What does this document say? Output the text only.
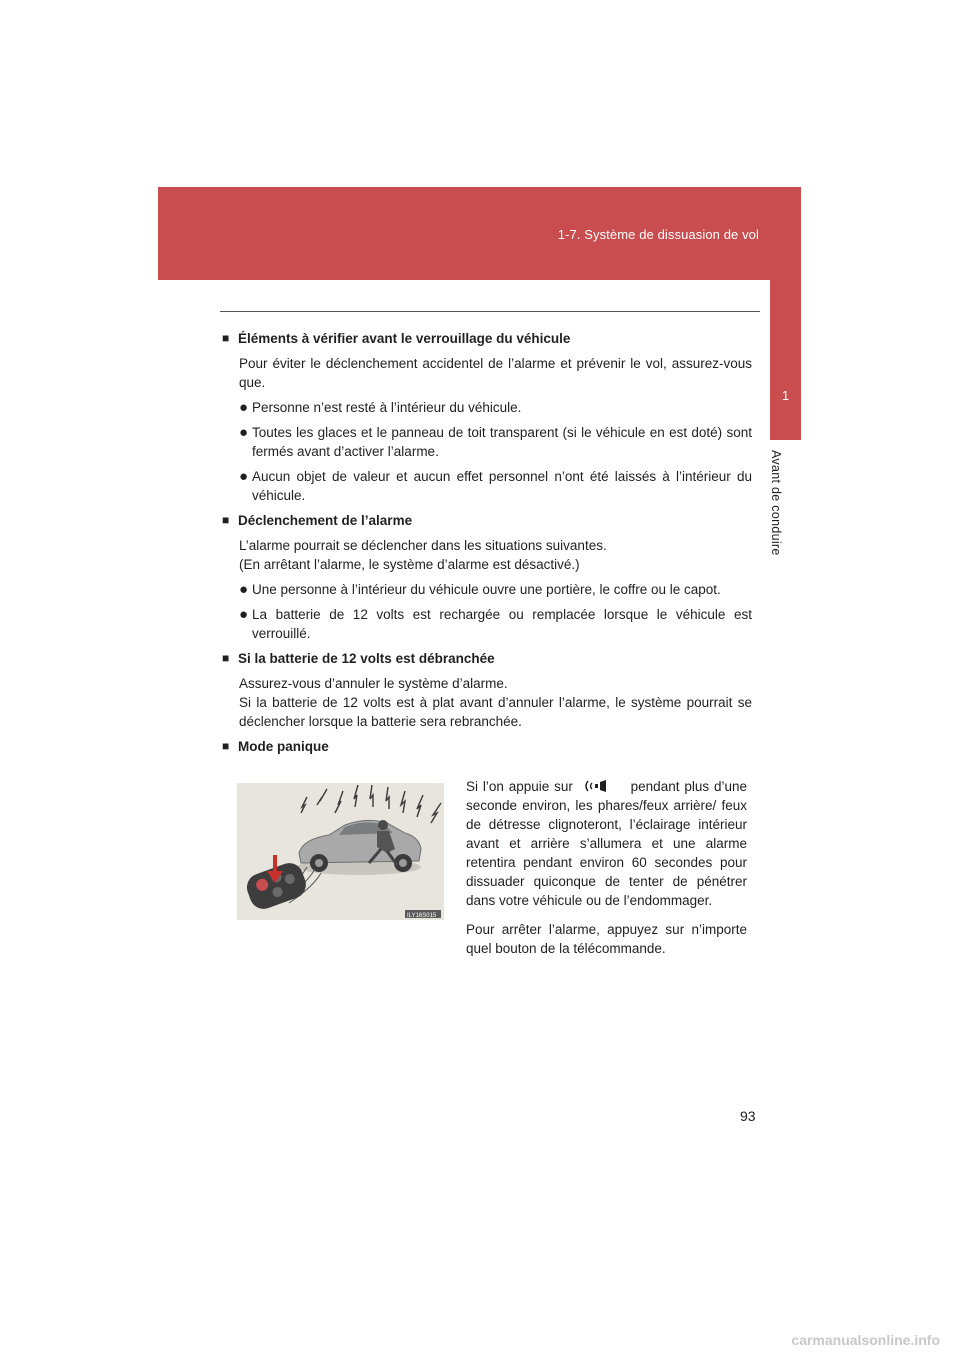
1-7. Système de dissuasion de vol
1
Avant de conduire
■ Éléments à vérifier avant le verrouillage du véhicule
Pour éviter le déclenchement accidentel de l’alarme et prévenir le vol, assurez-vous que.
● Personne n’est resté à l’intérieur du véhicule.
● Toutes les glaces et le panneau de toit transparent (si le véhicule en est doté) sont fermés avant d’activer l’alarme.
● Aucun objet de valeur et aucun effet personnel n’ont été laissés à l’intérieur du véhicule.
■ Déclenchement de l’alarme
L’alarme pourrait se déclencher dans les situations suivantes.
(En arrêtant l’alarme, le système d’alarme est désactivé.)
● Une personne à l’intérieur du véhicule ouvre une portière, le coffre ou le capot.
● La batterie de 12 volts est rechargée ou remplacée lorsque le véhicule est verrouillé.
■ Si la batterie de 12 volts est débranchée
Assurez-vous d’annuler le système d’alarme.
Si la batterie de 12 volts est à plat avant d’annuler l’alarme, le système pourrait se déclencher lorsque la batterie sera rebranchée.
■ Mode panique
ILY16S015

Si l’on appuie sur	pendant plus d’une seconde environ, les phares/feux arrière/ feux de détresse clignoteront, l’éclairage intérieur avant et arrière s’allumera et une alarme retentira pendant environ 60 secondes pour dissuader quiconque de tenter de pénétrer dans votre véhicule ou de l’endommager.

Pour arrêter l’alarme, appuyez sur n’importe quel bouton de la télécommande.

93
carmanualsonline.info
